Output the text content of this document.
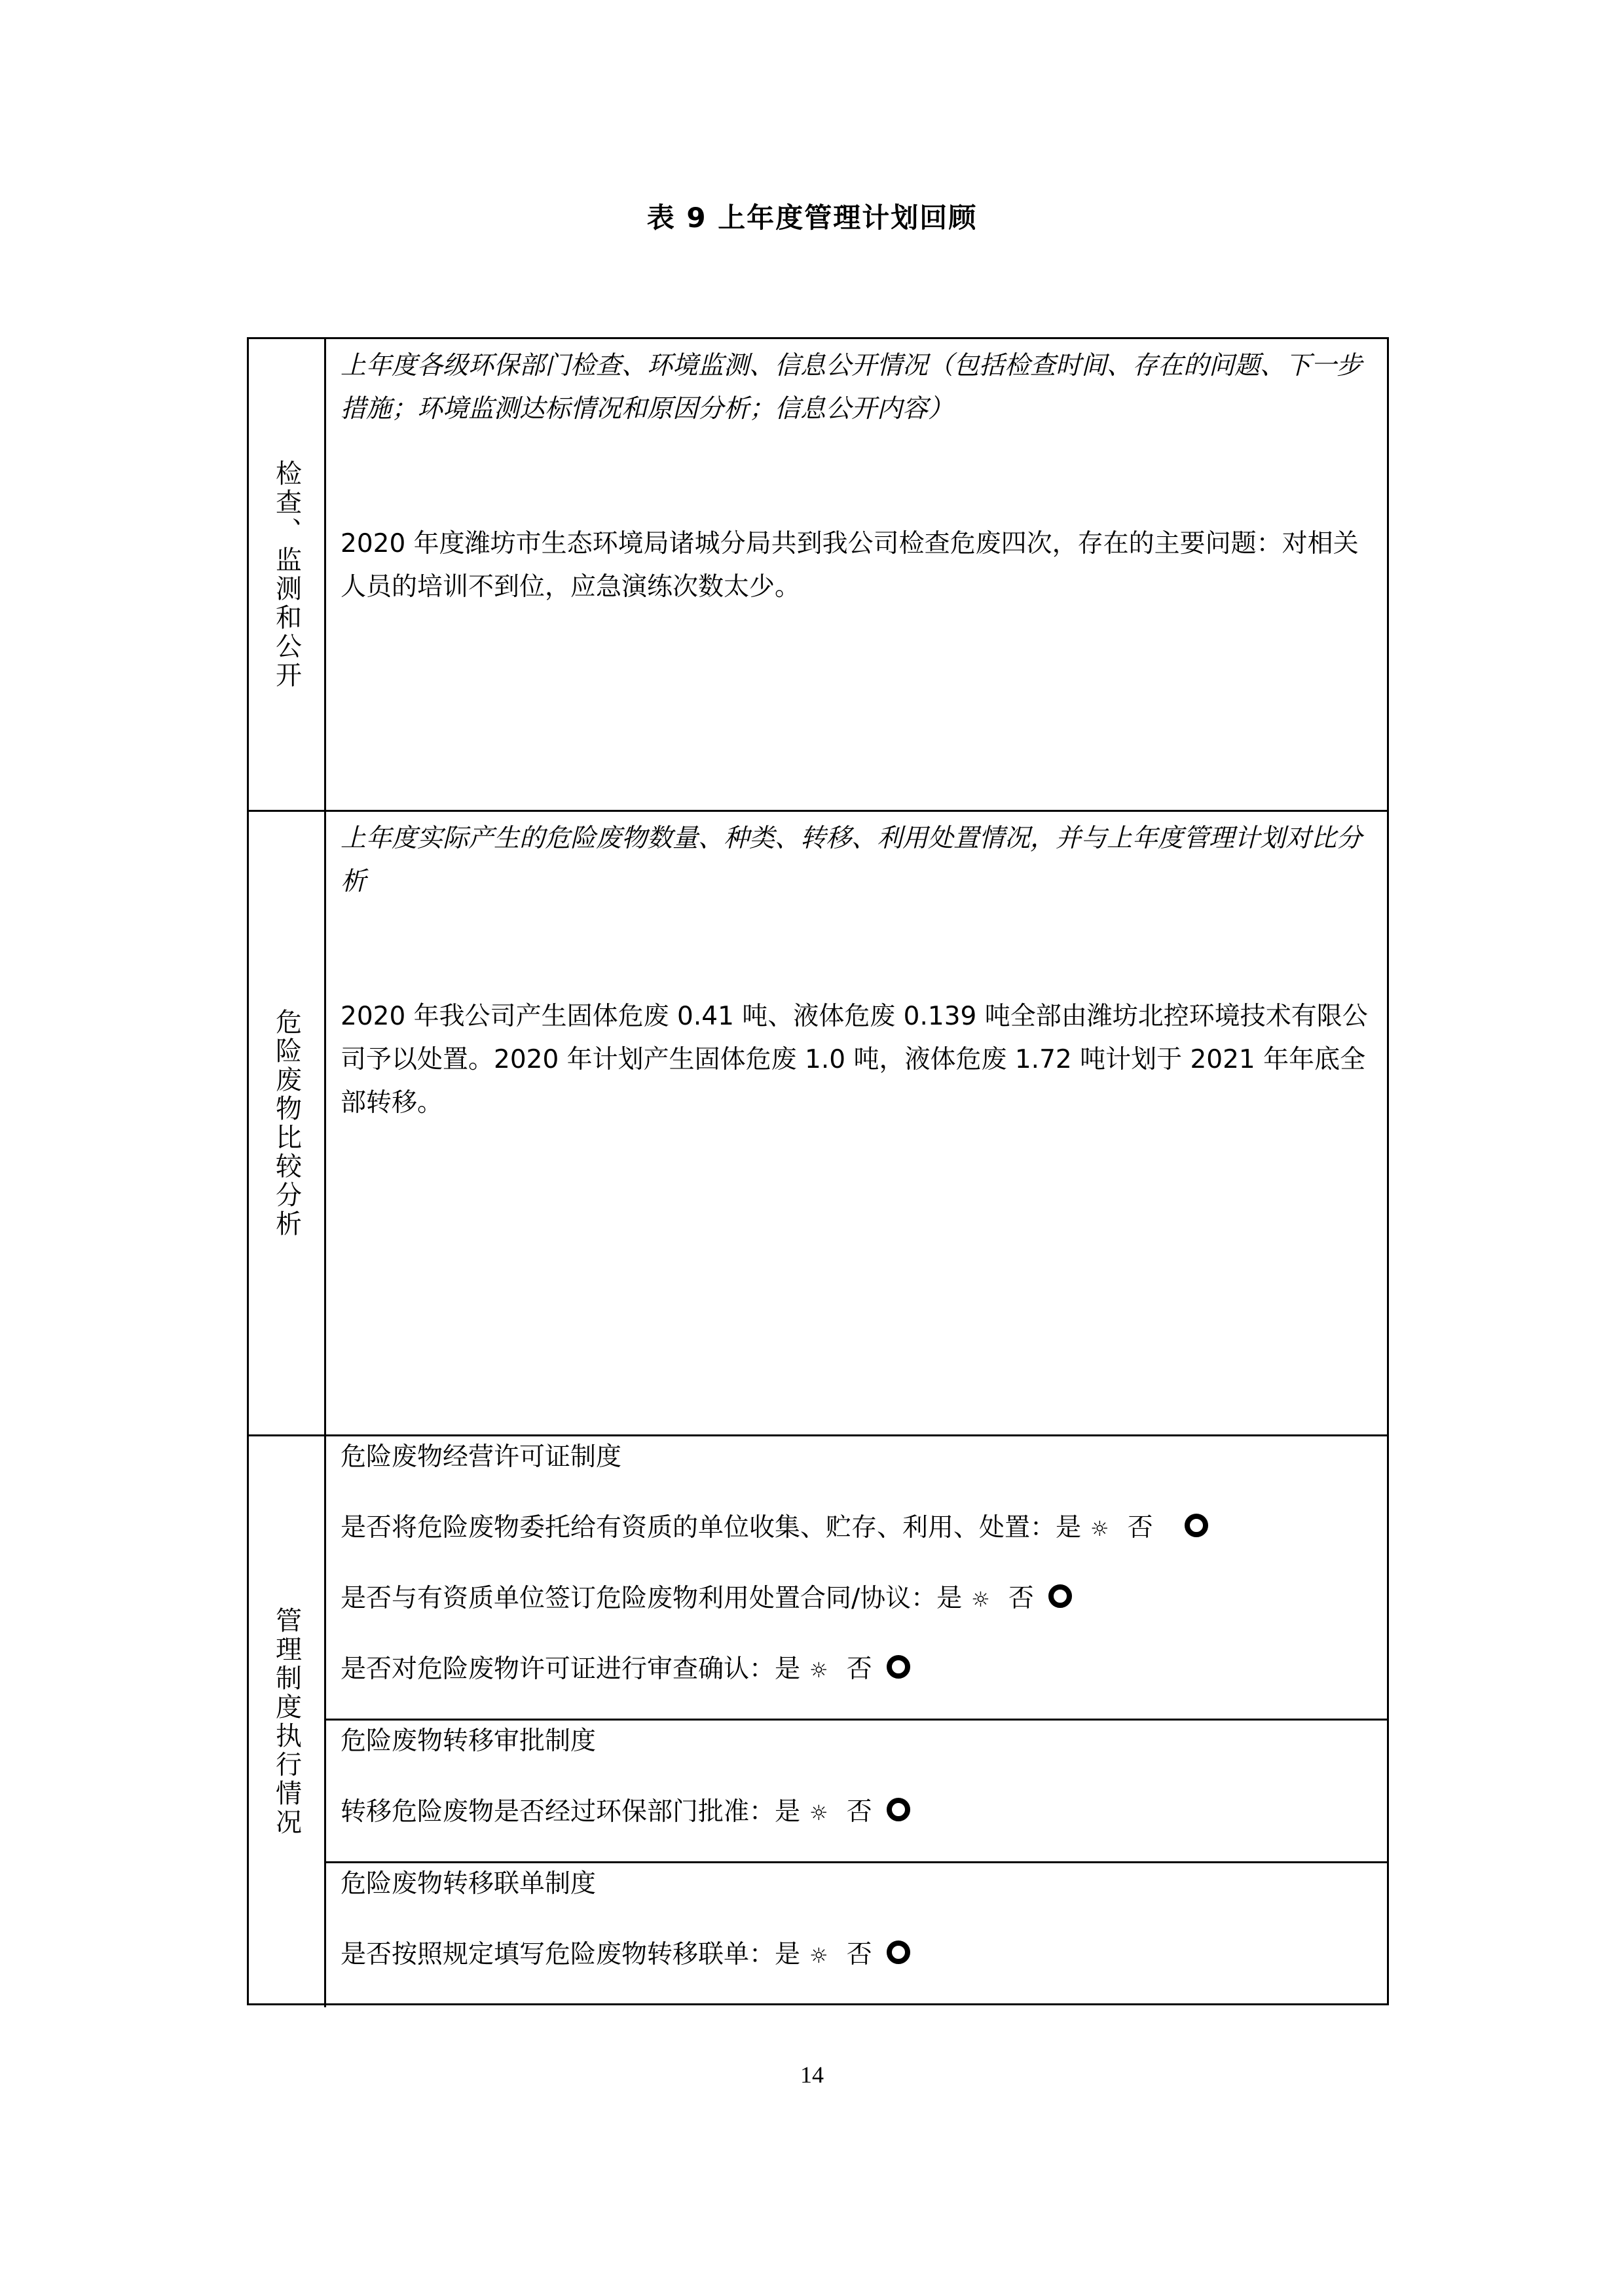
表 9 上年度管理计划回顾
检查、监测和公开
上年度各级环保部门检查、环境监测、信息公开情况（包括检查时间、存在的问题、下一步措施；环境监测达标情况和原因分析；信息公开内容）
2020 年度潍坊市生态环境局诸城分局共到我公司检查危废四次，存在的主要问题：对相关人员的培训不到位，应急演练次数太少。
危险废物比较分析
上年度实际产生的危险废物数量、种类、转移、利用处置情况，并与上年度管理计划对比分析
2020 年我公司产生固体危废 0.41 吨、液体危废 0.139 吨全部由潍坊北控环境技术有限公司予以处置。2020 年计划产生固体危废 1.0 吨，液体危废 1.72 吨计划于 2021 年年底全部转移。
管理制度执行情况
危险废物经营许可证制度
是否将危险废物委托给有资质的单位收集、贮存、利用、处置：是 ☼ 否
是否与有资质单位签订危险废物利用处置合同/协议：是 ☼ 否
是否对危险废物许可证进行审查确认：是 ☼ 否
危险废物转移审批制度
转移危险废物是否经过环保部门批准：是 ☼ 否
危险废物转移联单制度
是否按照规定填写危险废物转移联单：是 ☼ 否
14
